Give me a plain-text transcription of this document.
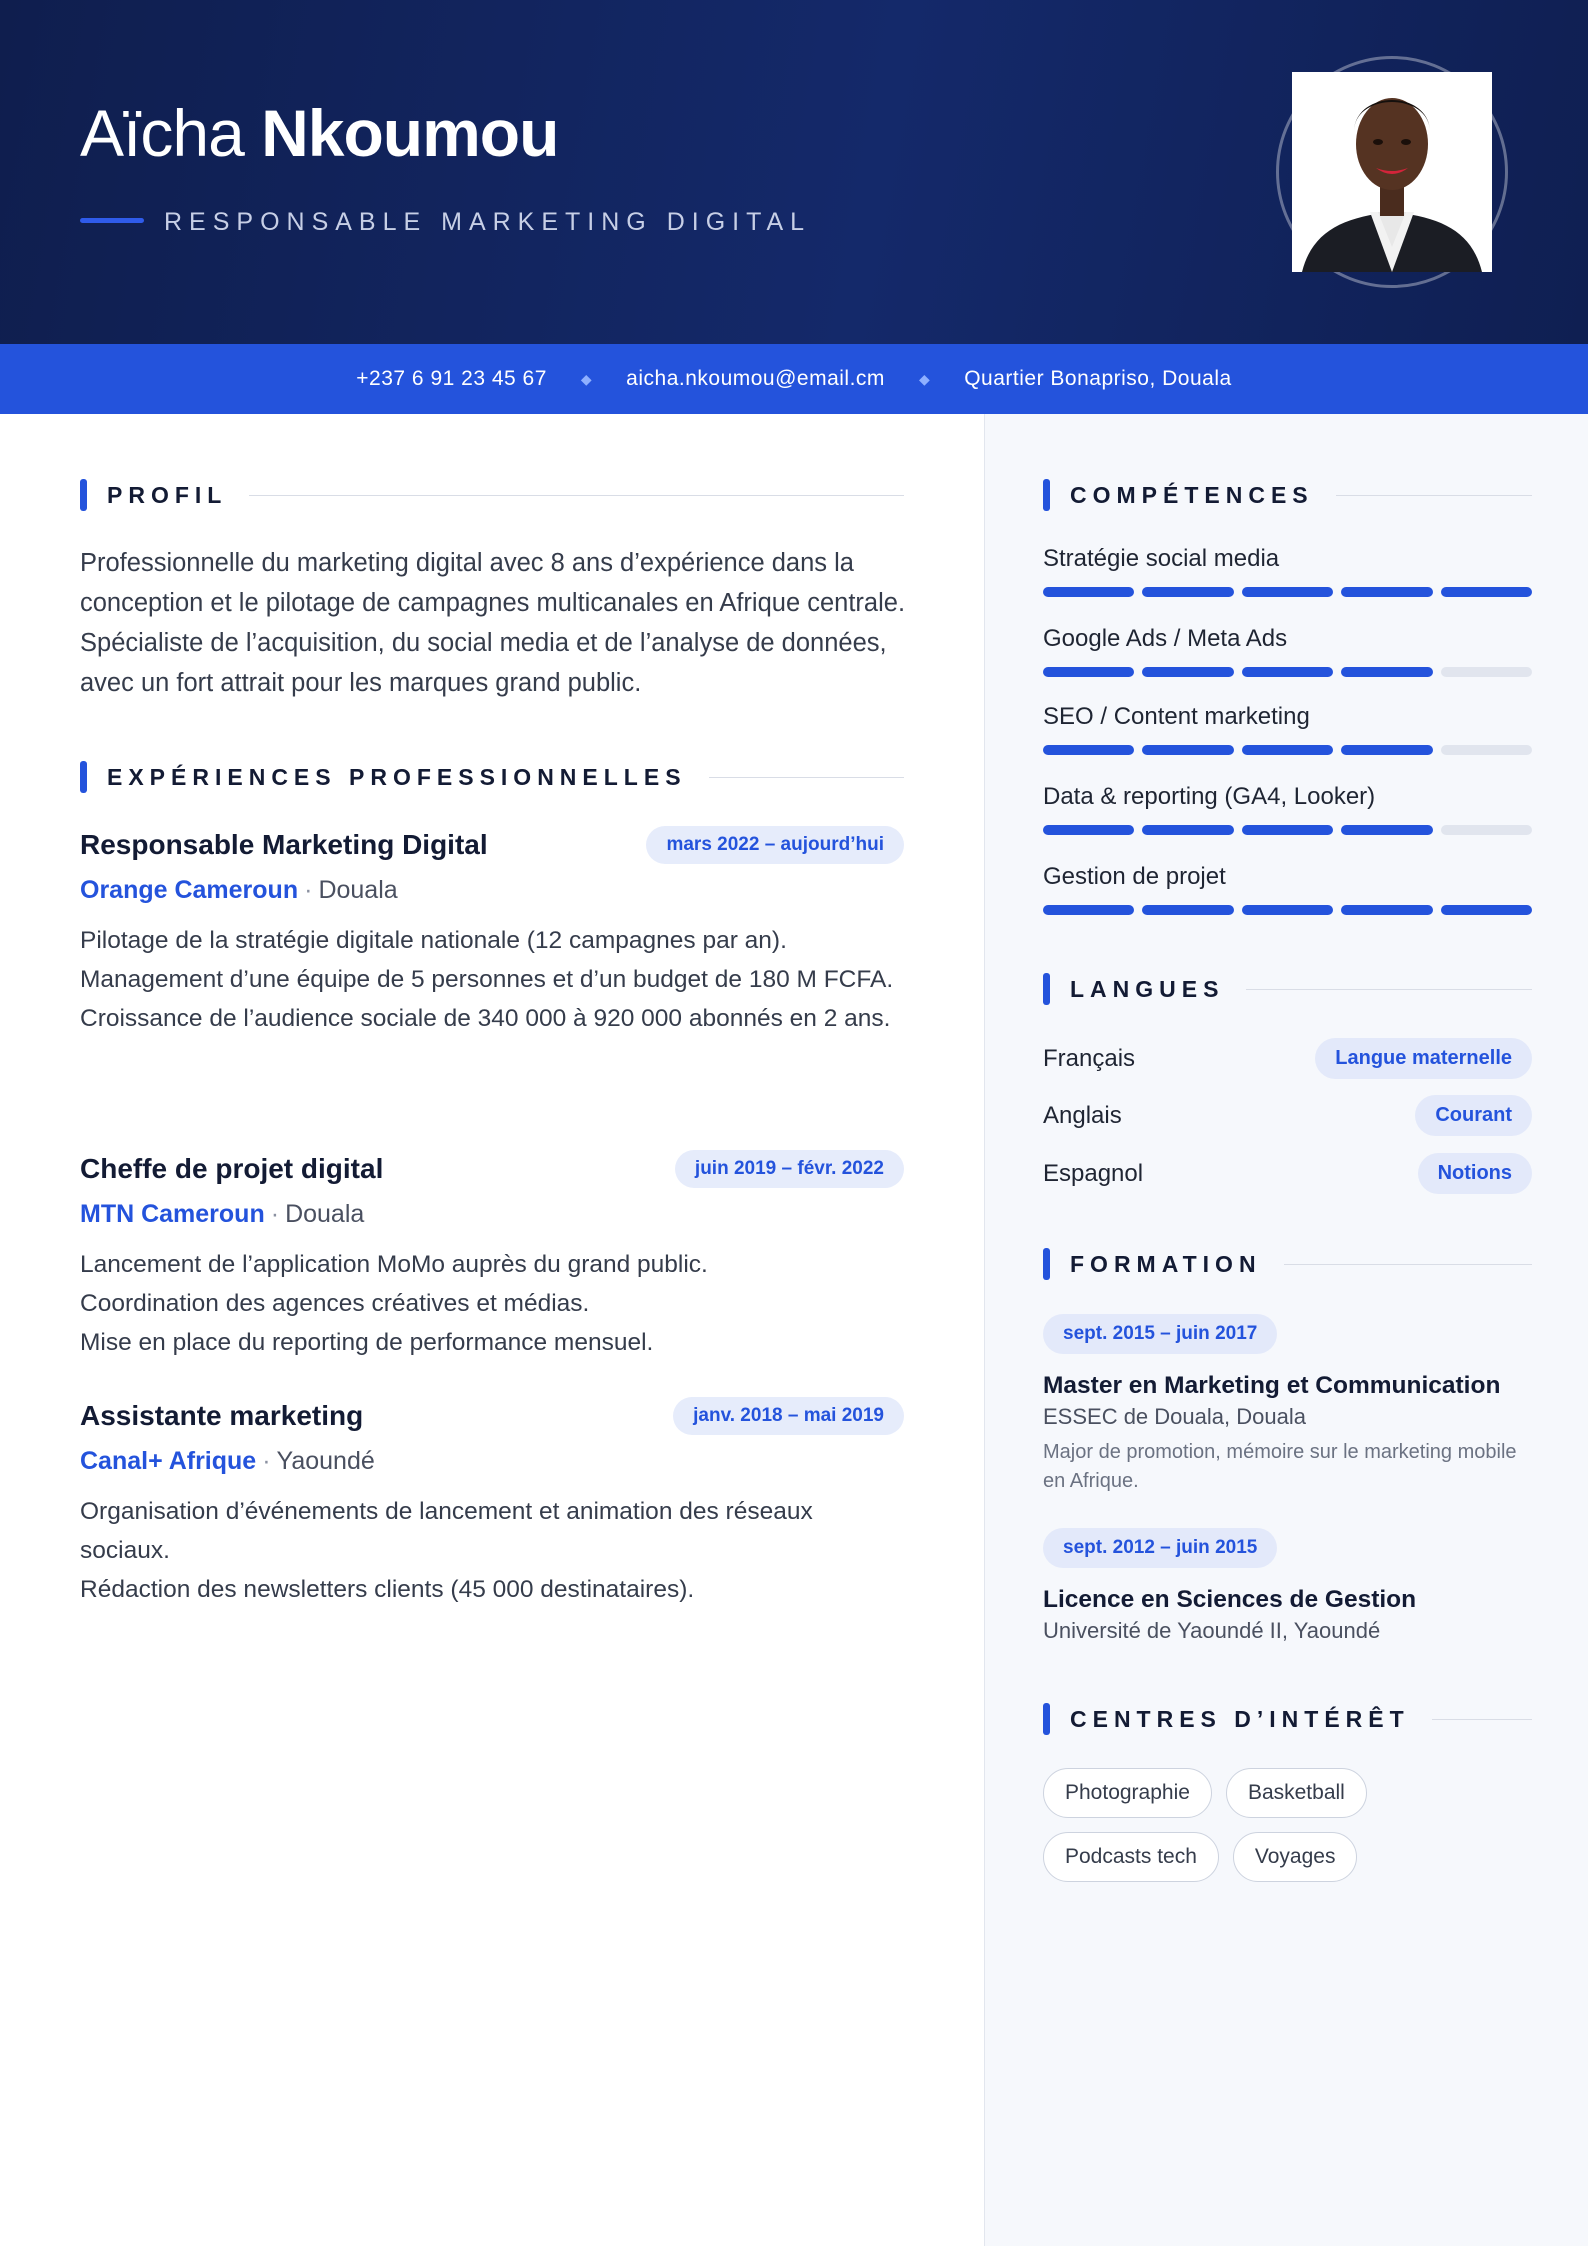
Aïcha Nkoumou
RESPONSABLE MARKETING DIGITAL
+237 6 91 23 45 67 ◆ aicha.nkoumou@email.cm ◆ Quartier Bonapriso, Douala
PROFIL
Professionnelle du marketing digital avec 8 ans d’expérience dans la conception et le pilotage de campagnes multicanales en Afrique centrale. Spécialiste de l’acquisition, du social media et de l’analyse de données, avec un fort attrait pour les marques grand public.
EXPÉRIENCES PROFESSIONNELLES
Responsable Marketing Digital	mars 2022 – aujourd’hui
Orange Cameroun · Douala
Pilotage de la stratégie digitale nationale (12 campagnes par an).
Management d’une équipe de 5 personnes et d’un budget de 180 M FCFA.
Croissance de l’audience sociale de 340 000 à 920 000 abonnés en 2 ans.
Cheffe de projet digital	juin 2019 – févr. 2022
MTN Cameroun · Douala
Lancement de l’application MoMo auprès du grand public.
Coordination des agences créatives et médias.
Mise en place du reporting de performance mensuel.
Assistante marketing	janv. 2018 – mai 2019
Canal+ Afrique · Yaoundé
Organisation d’événements de lancement et animation des réseaux sociaux.
Rédaction des newsletters clients (45 000 destinataires).
COMPÉTENCES
Stratégie social media
Google Ads / Meta Ads
SEO / Content marketing
Data & reporting (GA4, Looker)
Gestion de projet
LANGUES
Français	Langue maternelle
Anglais	Courant
Espagnol	Notions
FORMATION
sept. 2015 – juin 2017
Master en Marketing et Communication
ESSEC de Douala, Douala
Major de promotion, mémoire sur le marketing mobile en Afrique.
sept. 2012 – juin 2015
Licence en Sciences de Gestion
Université de Yaoundé II, Yaoundé
CENTRES D’INTÉRÊT
Photographie	Basketball
Podcasts tech	Voyages
